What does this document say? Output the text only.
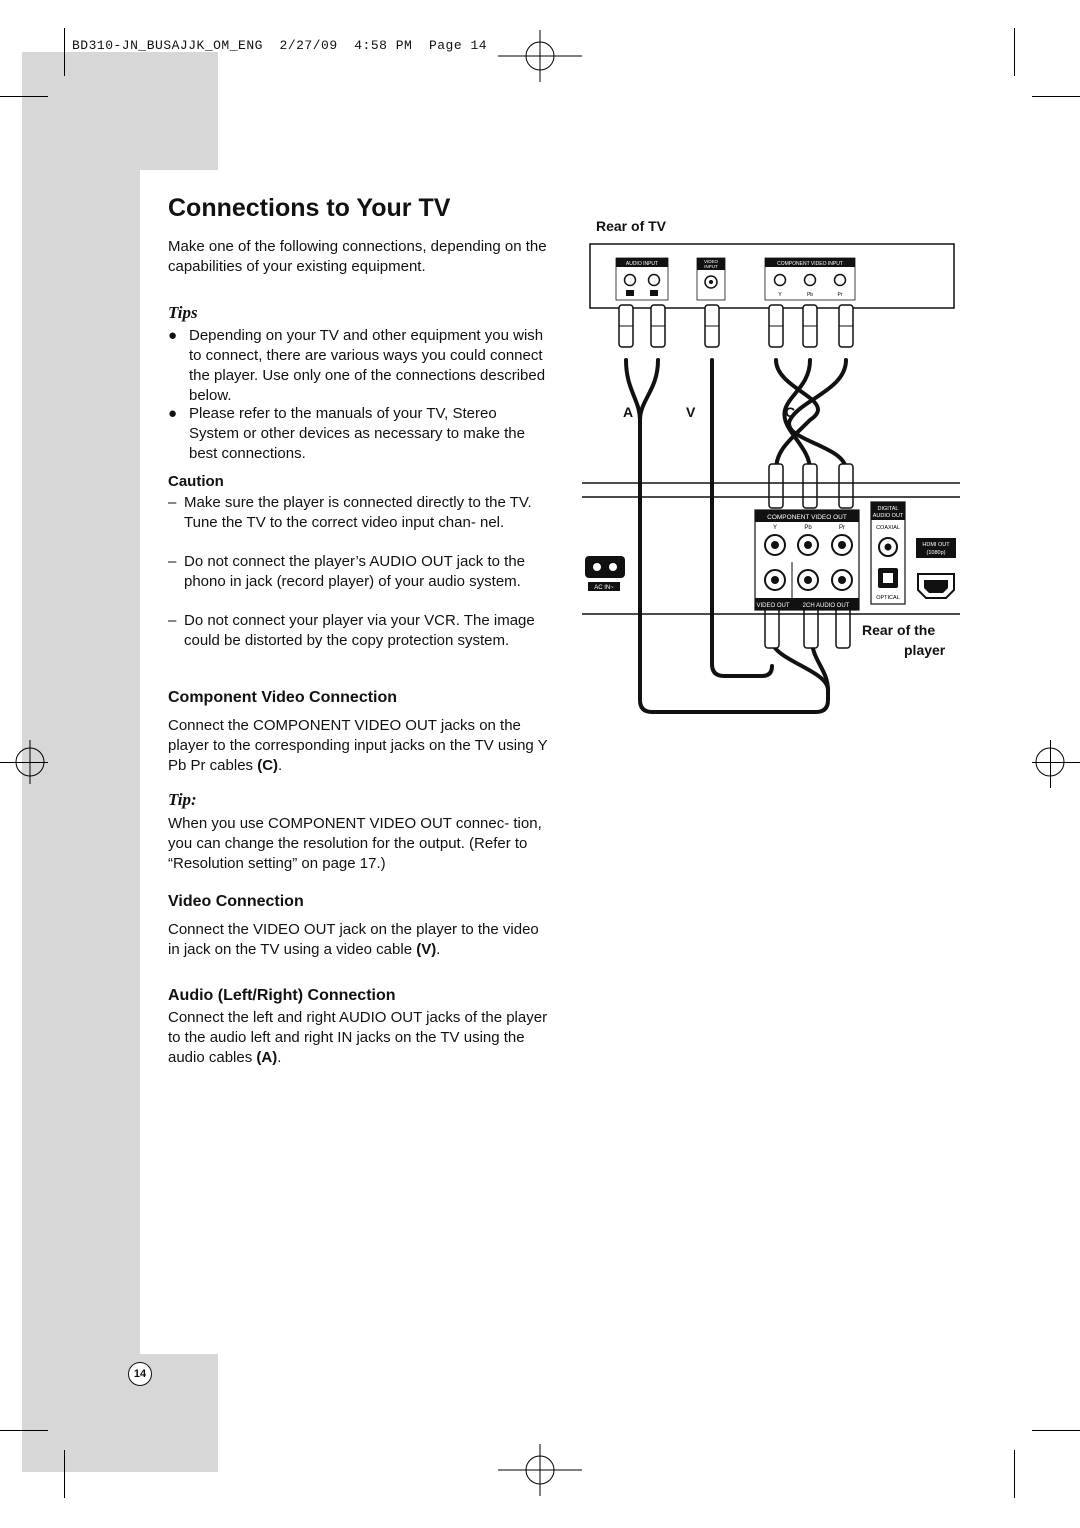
BD310-JN_BUSAJJK_OM_ENG  2/27/09  4:58 PM  Page 14
Connections to Your TV
Make one of the following connections, depending on the capabilities of your existing equipment.
Tips
● Depending on your TV and other equipment you wish to connect, there are various ways you could connect the player. Use only one of the connections described below.
● Please refer to the manuals of your TV, Stereo System or other devices as necessary to make the best connections.
Caution
– Make sure the player is connected directly to the TV. Tune the TV to the correct video input chan- nel.
– Do not connect the player’s AUDIO OUT jack to the phono in jack (record player) of your audio system.
– Do not connect your player via your VCR. The image could be distorted by the copy protection system.
Component Video Connection
Connect the COMPONENT VIDEO OUT jacks on the player to the corresponding input jacks on the TV using Y Pb Pr cables (C).
Tip:
When you use COMPONENT VIDEO OUT connec- tion, you can change the resolution for the output. (Refer to “Resolution setting” on page 17.)
Video Connection
Connect the VIDEO OUT jack on the player to the video in jack on the TV using a video cable (V).
Audio (Left/Right) Connection
Connect the left and right AUDIO OUT jacks of the player to the audio left and right IN jacks on the TV using the audio cables (A).
Rear of TV
Rear of the
player
A	V	C
AUDIO INPUT	VIDEO
INPUT	COMPONENT VIDEO INPUT
Y	Pb	Pr
AC IN~
COMPONENT VIDEO OUT
Y	Pb	Pr
VIDEO OUT 2CH AUDIO OUT
DIGITAL
AUDIO OUT
COAXIAL
OPTICAL
HDMI OUT
(1080p)
14
